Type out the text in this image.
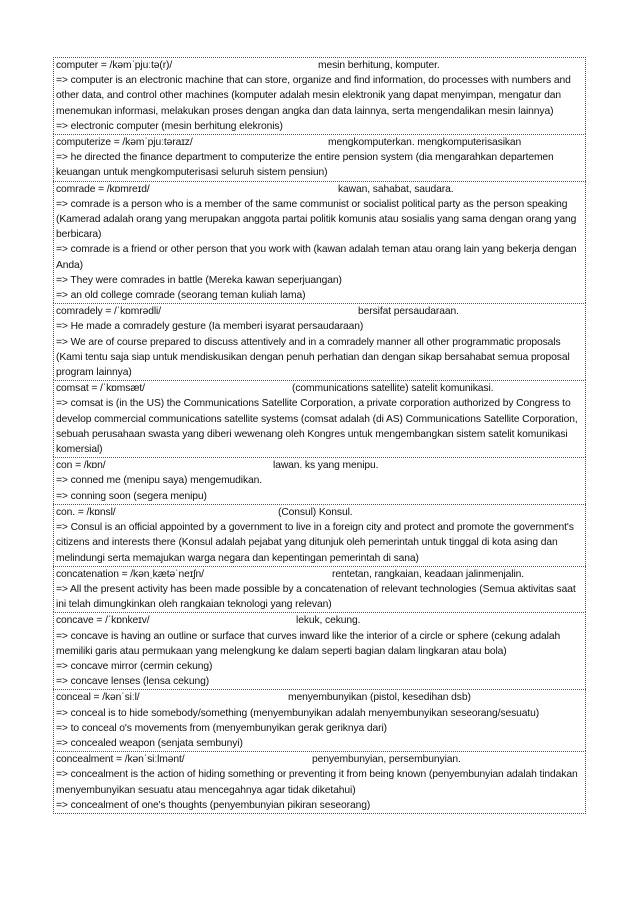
computer = /kəmˈpjuːtə(r)/	mesin berhitung, komputer.
=> computer is an electronic machine that can store, organize and find information, do processes with numbers and other data, and control other machines (komputer adalah mesin elektronik yang dapat menyimpan, mengatur dan menemukan informasi, melakukan proses dengan angka dan data lainnya, serta mengendalikan mesin lainnya)
=> electronic computer (mesin berhitung elekronis)
computerize = /kəmˈpjuːtəraɪz/	mengkomputerkan. mengkomputerisasikan
=> he directed the finance department to computerize the entire pension system (dia mengarahkan departemen keuangan untuk mengkomputerisasi seluruh sistem pensiun)
comrade = /kɒmreɪd/	kawan, sahabat, saudara.
=> comrade is a person who is a member of the same communist or socialist political party as the person speaking (Kamerad adalah orang yang merupakan anggota partai politik komunis atau sosialis yang sama dengan orang yang berbicara)
=> comrade is a friend or other person that you work with (kawan adalah teman atau orang lain yang bekerja dengan Anda)
=> They were comrades in battle (Mereka kawan seperjuangan)
=> an old college comrade (seorang teman kuliah lama)
comradely = /ˈkɒmrədli/	bersifat persaudaraan.
=> He made a comradely gesture (Ia memberi isyarat persaudaraan)
=> We are of course prepared to discuss attentively and in a comradely manner all other programmatic proposals (Kami tentu saja siap untuk mendiskusikan dengan penuh perhatian dan dengan sikap bersahabat semua proposal program lainnya)
comsat = /ˈkɒmsæt/	(communications satellite) satelit komunikasi.
=> comsat is (in the US) the Communications Satellite Corporation, a private corporation authorized by Congress to develop commercial communications satellite systems (comsat adalah (di AS) Communications Satellite Corporation, sebuah perusahaan swasta yang diberi wewenang oleh Kongres untuk mengembangkan sistem satelit komunikasi komersial)
con = /kɒn/	lawan. ks yang menipu.
=> conned me (menipu saya) mengemudikan.
=> conning soon (segera menipu)
con. = /kɒnsl/	(Consul) Konsul.
=> Consul is an official appointed by a government to live in a foreign city and protect and promote the government's citizens and interests there (Konsul adalah pejabat yang ditunjuk oleh pemerintah untuk tinggal di kota asing dan melindungi serta memajukan warga negara dan kepentingan pemerintah di sana)
concatenation = /kənˌkætəˈneɪʃn/	rentetan, rangkaian, keadaan jalinmenjalin.
=> All the present activity has been made possible by a concatenation of relevant technologies (Semua aktivitas saat ini telah dimungkinkan oleh rangkaian teknologi yang relevan)
concave = /ˈkɒnkeɪv/	lekuk, cekung.
=> concave is having an outline or surface that curves inward like the interior of a circle or sphere (cekung adalah memiliki garis atau permukaan yang melengkung ke dalam seperti bagian dalam lingkaran atau bola)
=> concave mirror (cermin cekung)
=> concave lenses (lensa cekung)
conceal = /kənˈsiːl/	menyembunyikan (pistol, kesedihan dsb)
=> conceal is to hide somebody/something (menyembunyikan adalah menyembunyikan seseorang/sesuatu)
=> to conceal o's movements from (menyembunyikan gerak geriknya dari)
=> concealed weapon (senjata sembunyi)
concealment = /kənˈsiːlmənt/	penyembunyian, persembunyian.
=> concealment is the action of hiding something or preventing it from being known (penyembunyian adalah tindakan menyembunyikan sesuatu atau mencegahnya agar tidak diketahui)
=> concealment of one's thoughts (penyembunyian pikiran seseorang)
